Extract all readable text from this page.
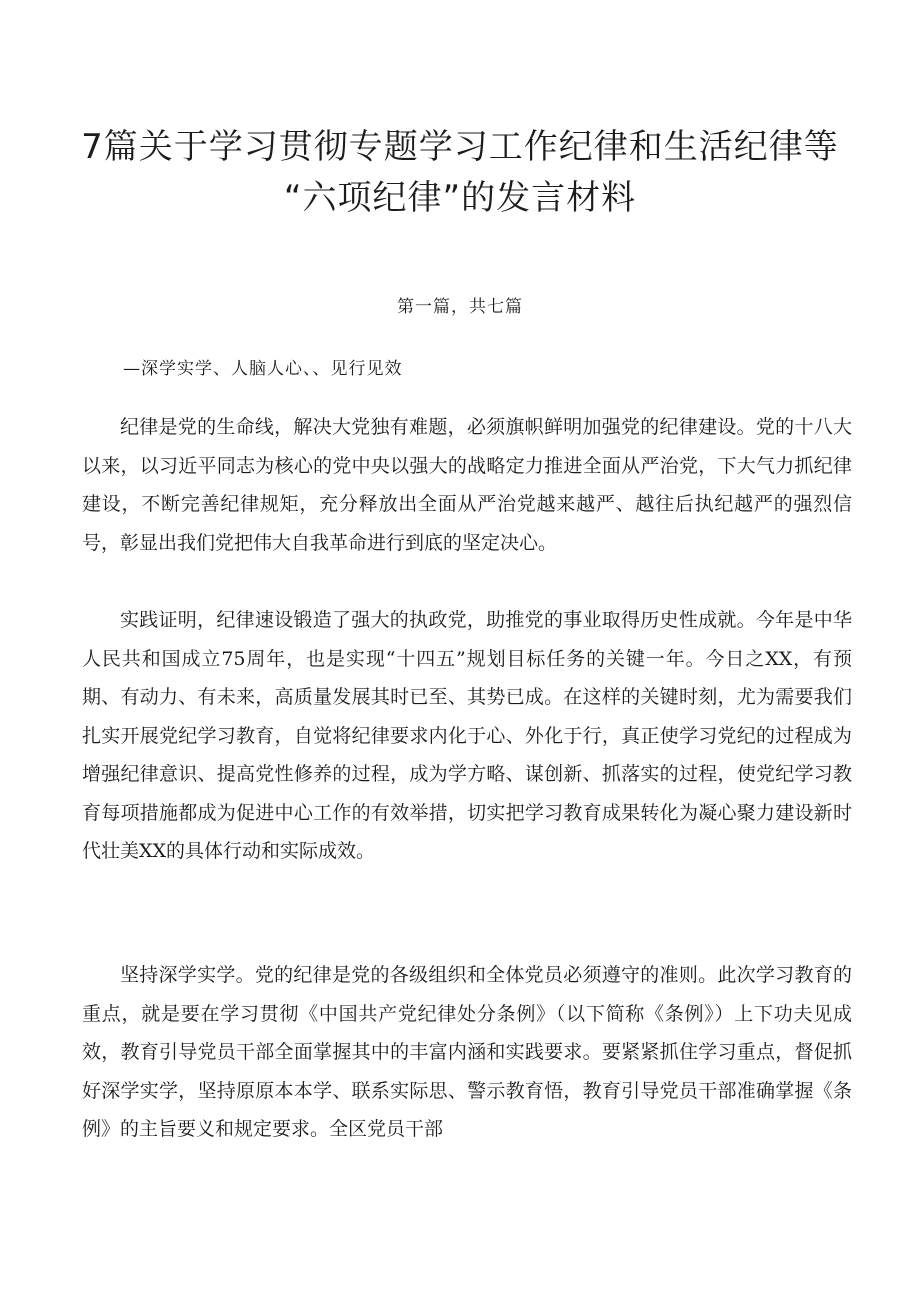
7篇关于学习贯彻专题学习工作纪律和生活纪律等
“六项纪律”的发言材料
第一篇，共七篇
—深学实学、人脑人心、、见行见效

纪律是党的生命线，解决大党独有难题，必须旗帜鲜明加强党的纪律建设。党的十八大以来，以习近平同志为核心的党中央以强大的战略定力推进全面从严治党，下大气力抓纪律建设，不断完善纪律规矩，充分释放出全面从严治党越来越严、越往后执纪越严的强烈信号，彰显出我们党把伟大自我革命进行到底的坚定决心。

实践证明，纪律速设锻造了强大的执政党，助推党的事业取得历史性成就。今年是中华人民共和国成立75周年，也是实现“十四五”规划目标任务的关键一年。今日之XX，有预期、有动力、有未来，高质量发展其时已至、其势已成。在这样的关键时刻，尤为需要我们扎实开展党纪学习教育，自觉将纪律要求内化于心、外化于行，真正使学习党纪的过程成为增强纪律意识、提高党性修养的过程，成为学方略、谋创新、抓落实的过程，使党纪学习教育每项措施都成为促进中心工作的有效举措，切实把学习教育成果转化为凝心聚力建设新时代壮美XX的具体行动和实际成效。

坚持深学实学。党的纪律是党的各级组织和全体党员必须遵守的准则。此次学习教育的重点，就是要在学习贯彻《中国共产党纪律处分条例》（以下简称《条例》）上下功夫见成效，教育引导党员干部全面掌握其中的丰富内涵和实践要求。要紧紧抓住学习重点，督促抓好深学实学，坚持原原本本学、联系实际思、警示教育悟，教育引导党员干部准确掌握《条例》的主旨要义和规定要求。全区党员干部
